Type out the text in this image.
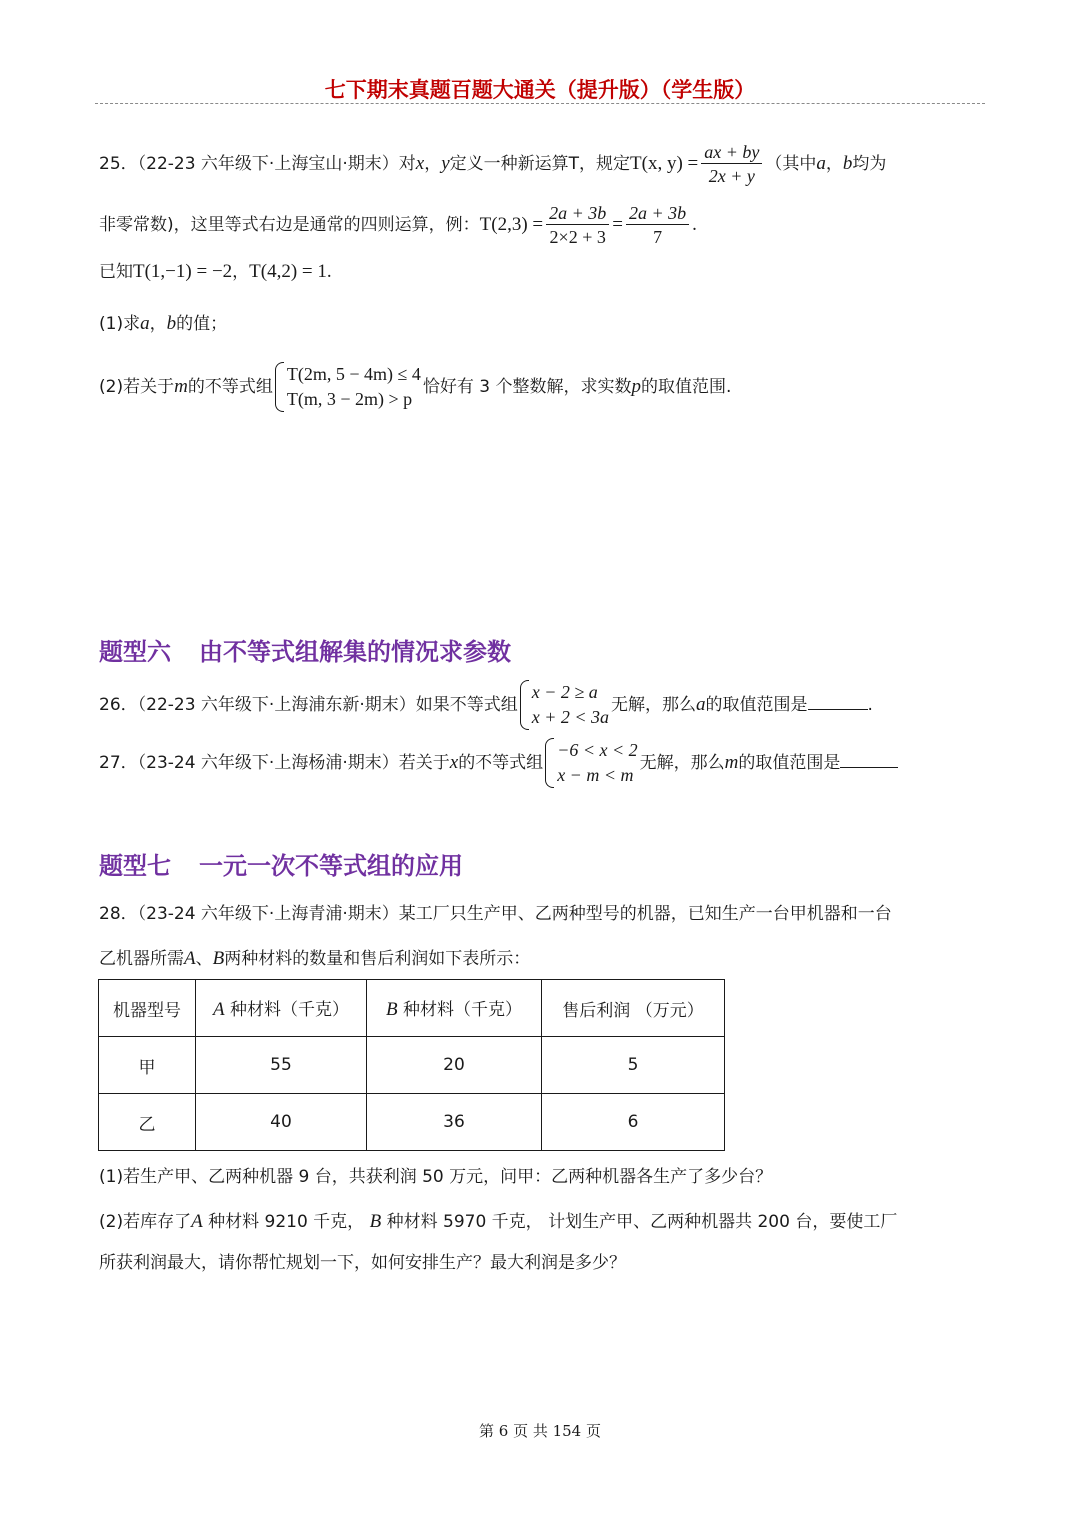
七下期末真题百题大通关（提升版）（学生版）
25．（22-23 六年级下·上海宝山·期末）对x，y定义一种新运算T，规定T(x, $y) = \frac{ax + by}{2x + y}$ （其中a，b均为
非零常数)，这里等式右边是通常的四则运算，例：$T(2,3) = \frac{2a + 3b}{2\times 2 + 3} = \frac{2a + 3b}{7}$ .
已知T(1,−1) = −2，T(4,2) = 1.
(1)求a，b的值；
(2)若关于m的不等式组
T(2m, 5 − 4m) ≤ 4
T(m, 3 − 2m) > p
恰好有 3 个整数解，求实数p的取值范围.
题型六 由不等式组解集的情况求参数
26．（22-23 六年级下·上海浦东新·期末）如果不等式组
x − 2 ≥ a
x + 2 < 3a
无解，那么a的取值范围是	.
27．（23-24 六年级下·上海杨浦·期末）若关于x的不等式组
−6 < x < 2
x − m < m
无解，那么m的取值范围是
题型七 一元一次不等式组的应用
28．（23-24 六年级下·上海青浦·期末）某工厂只生产甲、乙两种型号的机器，已知生产一台甲机器和一台
乙机器所需A、B两种材料的数量和售后利润如下表所示：
机器型号	A 种材料（千克）	B 种材料（千克）	售后利润 （万元）
甲	55	20	5
乙	40	36	6
(1)若生产甲、乙两种机器 9 台，共获利润 50 万元，问甲：乙两种机器各生产了多少台？
(2)若库存了A 种材料 9210 千克， B 种材料 5970 千克， 计划生产甲、乙两种机器共 200 台，要使工厂
所获利润最大，请你帮忙规划一下，如何安排生产？最大利润是多少？
第 6 页 共 154 页
